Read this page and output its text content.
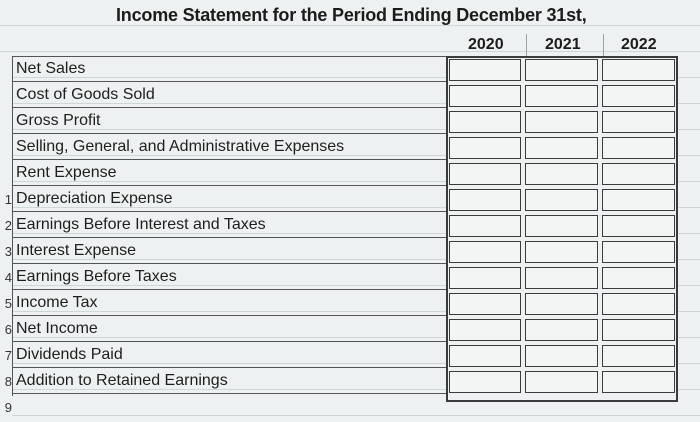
Income Statement for the Period Ending December 31st,
2020	2021	2022
Net Sales
Cost of Goods Sold
Gross Profit
Selling, General, and Administrative Expenses
Rent Expense
Depreciation Expense
1
Earnings Before Interest and Taxes
2
Interest Expense
3
Earnings Before Taxes
4
Income Tax
5
Net Income
6
Dividends Paid
7
Addition to Retained Earnings
8
9
